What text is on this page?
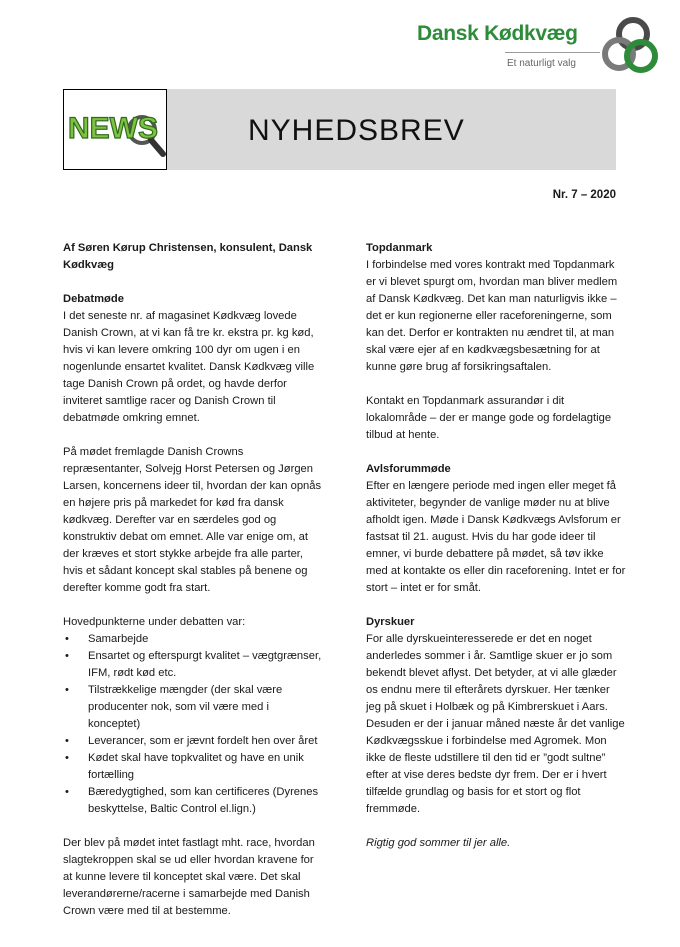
Dansk Kødkvæg
Et naturligt valg
NEWS	NYHEDSBREV
Nr. 7 – 2020

Af Søren Kørup Christensen, konsulent, Dansk Kødkvæg

Debatmøde

I det seneste nr. af magasinet Kødkvæg lovede Danish Crown, at vi kan få tre kr. ekstra pr. kg kød, hvis vi kan levere omkring 100 dyr om ugen i en nogenlunde ensartet kvalitet. Dansk Kødkvæg ville tage Danish Crown på ordet, og havde derfor inviteret samtlige racer og Danish Crown til debatmøde omkring emnet.

På mødet fremlagde Danish Crowns repræsentanter, Solvejg Horst Petersen og Jørgen Larsen, koncernens ideer til, hvordan der kan opnås en højere pris på markedet for kød fra dansk kødkvæg. Derefter var en særdeles god og konstruktiv debat om emnet. Alle var enige om, at der kræves et stort stykke arbejde fra alle parter, hvis et sådant koncept skal stables på benene og derefter komme godt fra start.

Hovedpunkterne under debatten var:

• Samarbejde
• Ensartet og efterspurgt kvalitet – vægtgrænser, IFM, rødt kød etc.
• Tilstrækkelige mængder (der skal være producenter nok, som vil være med i konceptet)
• Leverancer, som er jævnt fordelt hen over året
• Kødet skal have topkvalitet og have en unik fortælling
• Bæredygtighed, som kan certificeres (Dyrenes beskyttelse, Baltic Control el.lign.)

Der blev på mødet intet fastlagt mht. race, hvordan slagtekroppen skal se ud eller hvordan kravene for at kunne levere til konceptet skal være. Det skal leverandørerne/racerne i samarbejde med Danish Crown være med til at bestemme.

Topdanmark

I forbindelse med vores kontrakt med Topdanmark er vi blevet spurgt om, hvordan man bliver medlem af Dansk Kødkvæg. Det kan man naturligvis ikke – det er kun regionerne eller raceforeningerne, som kan det. Derfor er kontrakten nu ændret til, at man skal være ejer af en kødkvægsbesætning for at kunne gøre brug af forsikringsaftalen.

Kontakt en Topdanmark assurandør i dit lokalområde – der er mange gode og fordelagtige tilbud at hente.

Avlsforummøde

Efter en længere periode med ingen eller meget få aktiviteter, begynder de vanlige møder nu at blive afholdt igen. Møde i Dansk Kødkvægs Avlsforum er fastsat til 21. august. Hvis du har gode ideer til emner, vi burde debattere på mødet, så tøv ikke med at kontakte os eller din raceforening. Intet er for stort – intet er for småt.

Dyrskuer

For alle dyrskueinteresserede er det en noget anderledes sommer i år. Samtlige skuer er jo som bekendt blevet aflyst. Det betyder, at vi alle glæder os endnu mere til efterårets dyrskuer. Her tænker jeg på skuet i Holbæk og på Kimbrerskuet i Aars. Desuden er der i januar måned næste år det vanlige Kødkvægsskue i forbindelse med Agromek. Mon ikke de fleste udstillere til den tid er ”godt sultne” efter at vise deres bedste dyr frem. Der er i hvert tilfælde grundlag og basis for et stort og flot fremmøde.

Rigtig god sommer til jer alle.
